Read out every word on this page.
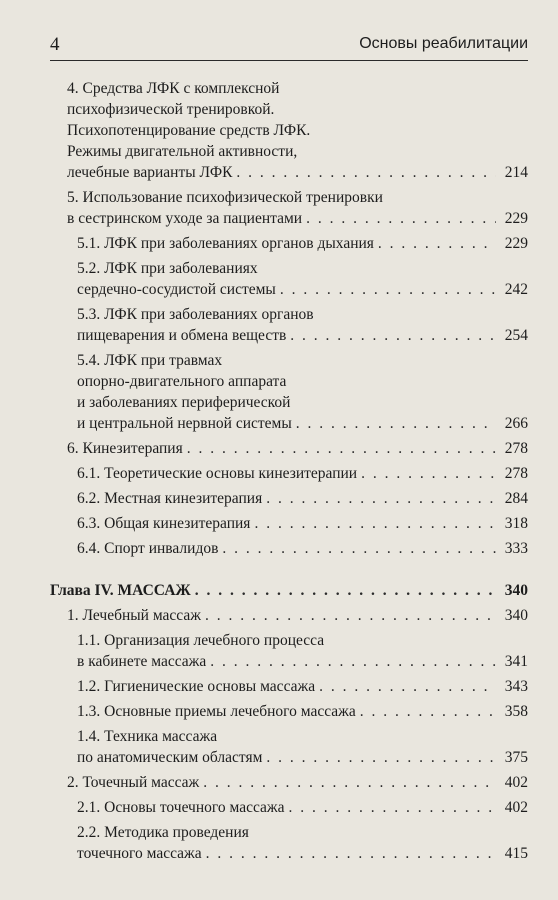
4	Основы реабилитации
4. Средства ЛФК с комплексной
психофизической тренировкой.
Психопотенцирование средств ЛФК.
Режимы двигательной активности,
лечебные варианты ЛФК . . .	214
5. Использование психофизической тренировки
в сестринском уходе за пациентами . . .	229
5.1. ЛФК при заболеваниях органов дыхания . . .	229
5.2. ЛФК при заболеваниях
сердечно-сосудистой системы . . .	242
5.3. ЛФК при заболеваниях органов
пищеварения и обмена веществ . . .	254
5.4. ЛФК при травмах
опорно-двигательного аппарата
и заболеваниях периферической
и центральной нервной системы . . .	266
6. Кинезитерапия . . .	278
6.1. Теоретические основы кинезитерапии . . .	278
6.2. Местная кинезитерапия . . .	284
6.3. Общая кинезитерапия . . .	318
6.4. Спорт инвалидов . . .	333
Глава IV. МАССАЖ . . .	340
1. Лечебный массаж . . .	340
1.1. Организация лечебного процесса
в кабинете массажа . . .	341
1.2. Гигиенические основы массажа . . .	343
1.3. Основные приемы лечебного массажа . . .	358
1.4. Техника массажа
по анатомическим областям . . .	375
2. Точечный массаж . . .	402
2.1. Основы точечного массажа . . .	402
2.2. Методика проведения
точечного массажа . . .	415
